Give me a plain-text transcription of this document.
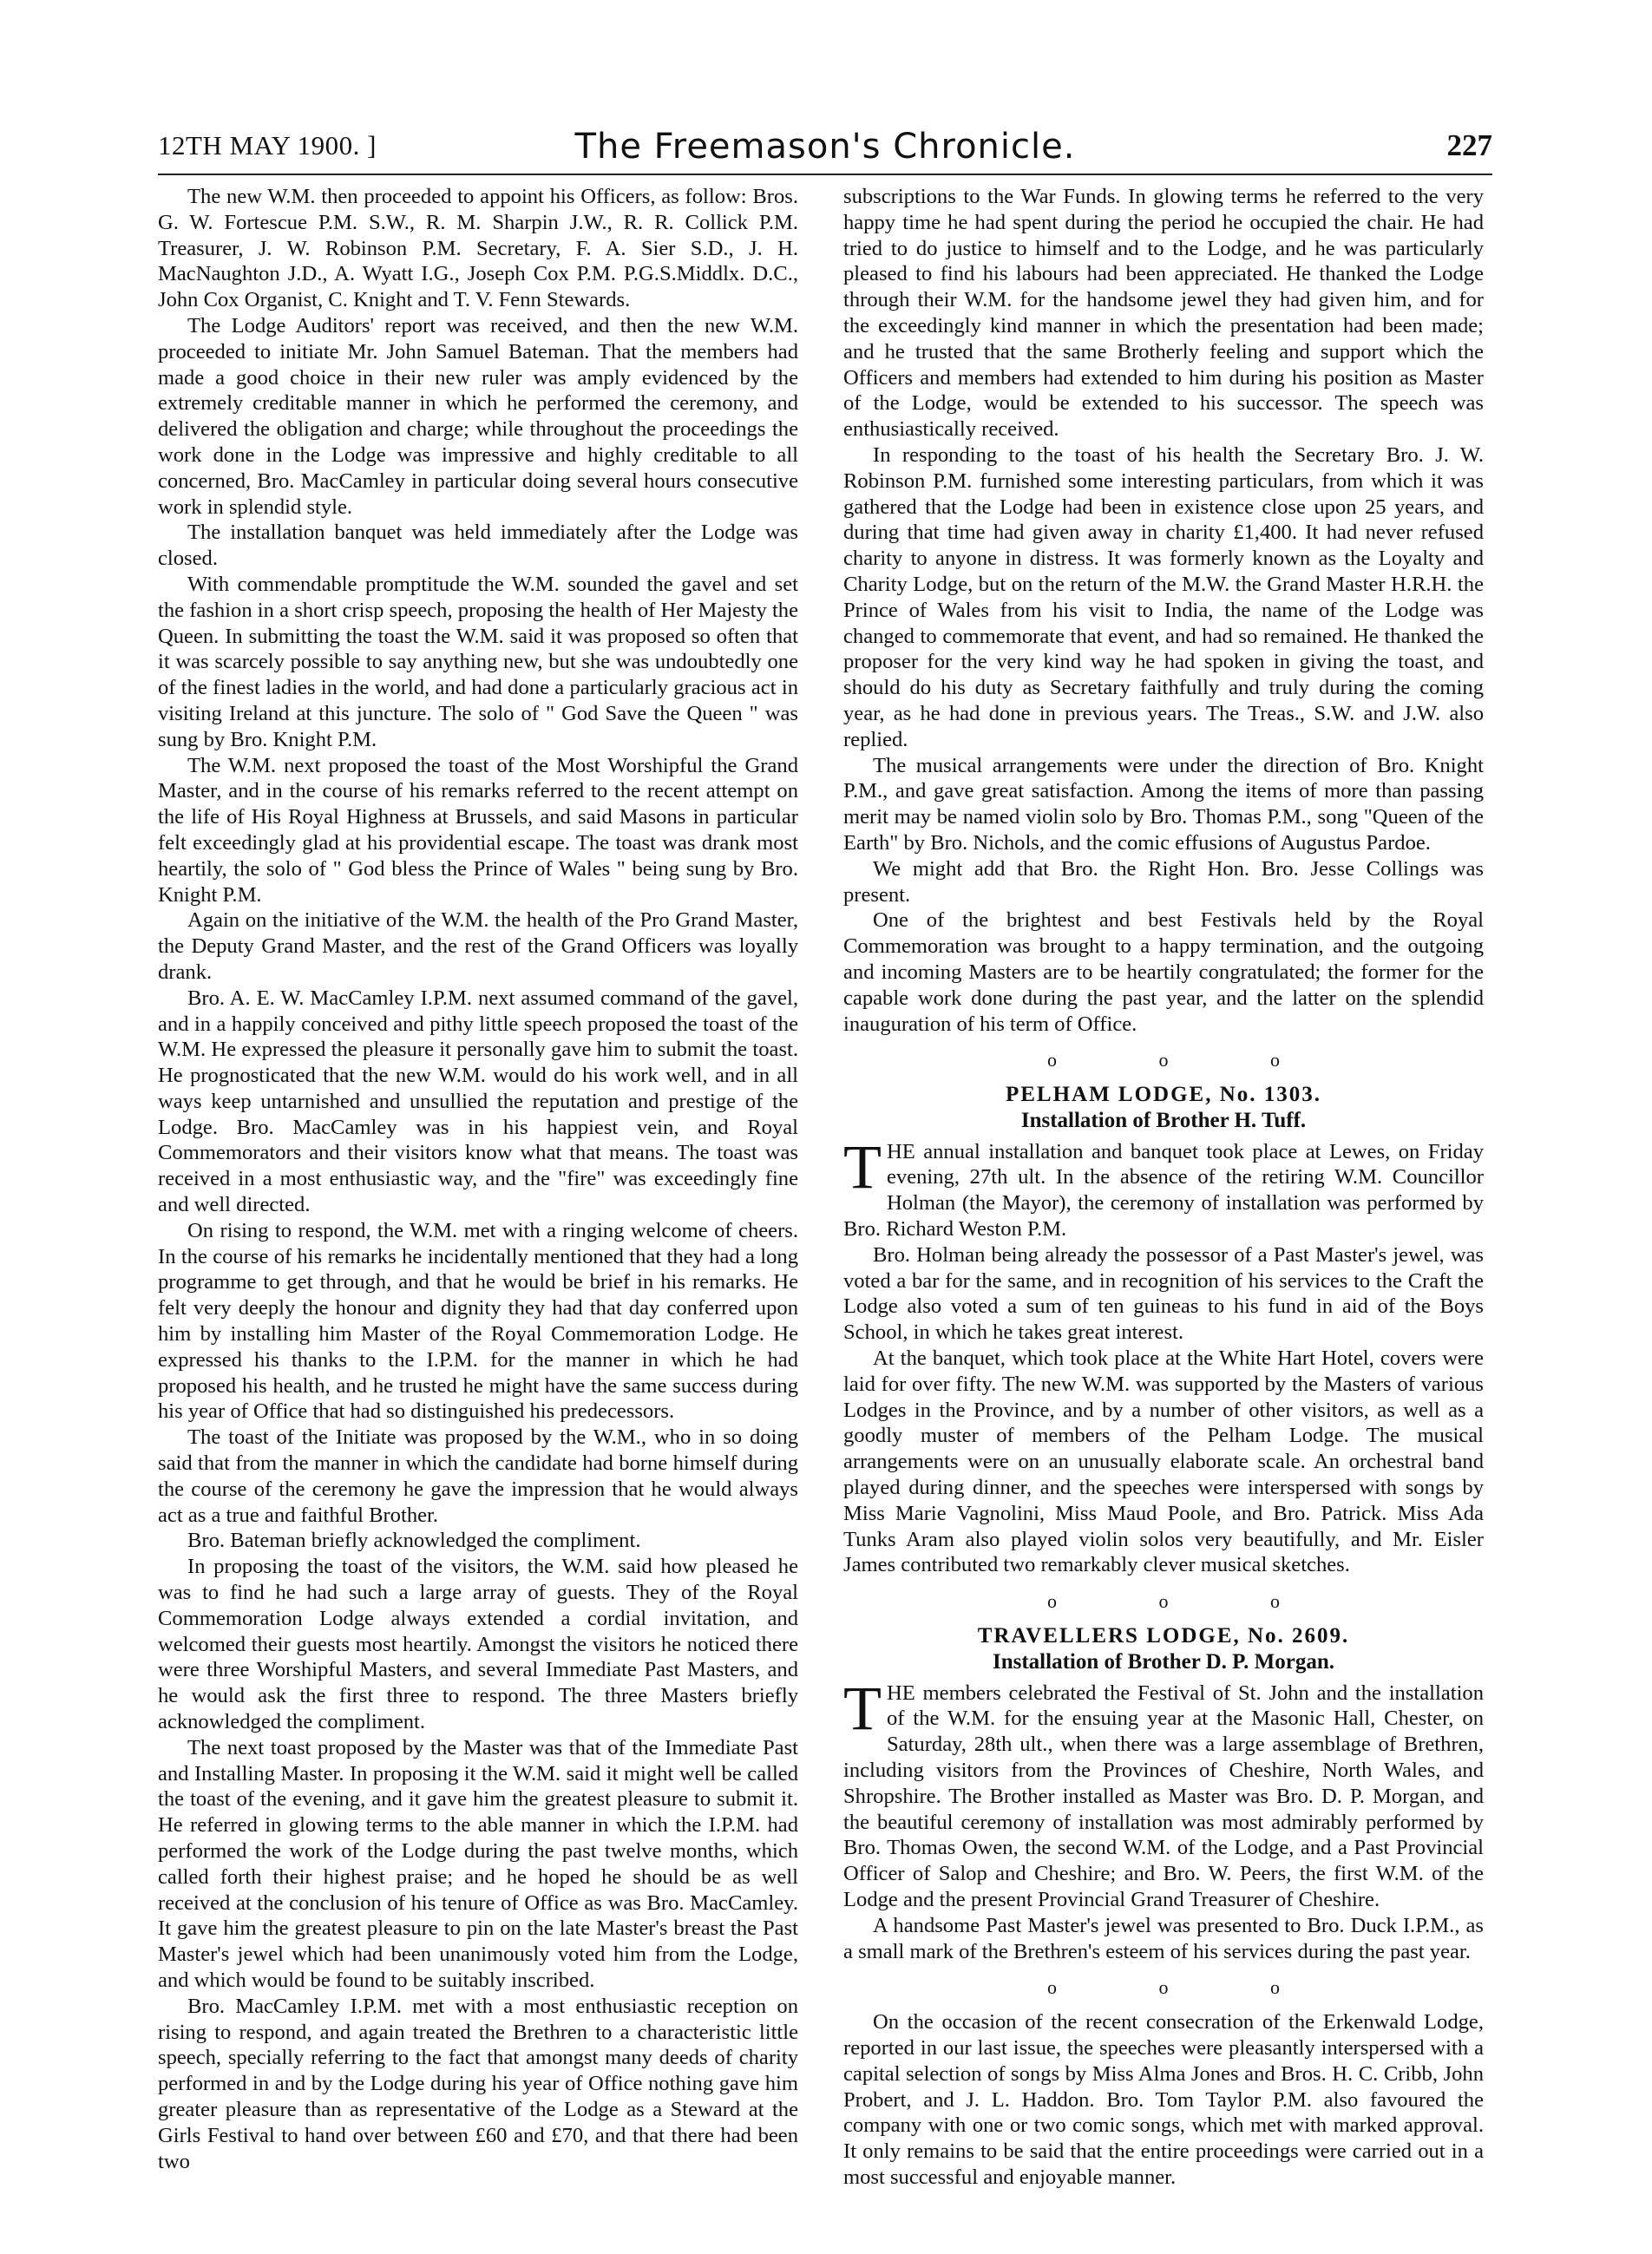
12TH MAY 1900. ]	The Freemason's Chronicle.	227

The new W.M. then proceeded to appoint his Officers, as follow: Bros. G. W. Fortescue P.M. S.W., R. M. Sharpin J.W., R. R. Collick P.M. Treasurer, J. W. Robinson P.M. Secretary, F. A. Sier S.D., J. H. MacNaughton J.D., A. Wyatt I.G., Joseph Cox P.M. P.G.S.Middlx. D.C., John Cox Organist, C. Knight and T. V. Fenn Stewards.

The Lodge Auditors' report was received, and then the new W.M. proceeded to initiate Mr. John Samuel Bateman. That the members had made a good choice in their new ruler was amply evidenced by the extremely creditable manner in which he performed the ceremony, and delivered the obligation and charge; while throughout the proceedings the work done in the Lodge was impressive and highly creditable to all concerned, Bro. MacCamley in particular doing several hours consecutive work in splendid style.

The installation banquet was held immediately after the Lodge was closed.

With commendable promptitude the W.M. sounded the gavel and set the fashion in a short crisp speech, proposing the health of Her Majesty the Queen. In submitting the toast the W.M. said it was proposed so often that it was scarcely possible to say anything new, but she was undoubtedly one of the finest ladies in the world, and had done a particularly gracious act in visiting Ireland at this juncture. The solo of " God Save the Queen " was sung by Bro. Knight P.M.

The W.M. next proposed the toast of the Most Worshipful the Grand Master, and in the course of his remarks referred to the recent attempt on the life of His Royal Highness at Brussels, and said Masons in particular felt exceedingly glad at his providential escape. The toast was drank most heartily, the solo of " God bless the Prince of Wales " being sung by Bro. Knight P.M.

Again on the initiative of the W.M. the health of the Pro Grand Master, the Deputy Grand Master, and the rest of the Grand Officers was loyally drank.

Bro. A. E. W. MacCamley I.P.M. next assumed command of the gavel, and in a happily conceived and pithy little speech proposed the toast of the W.M. He expressed the pleasure it personally gave him to submit the toast. He prognosticated that the new W.M. would do his work well, and in all ways keep untarnished and unsullied the reputation and prestige of the Lodge. Bro. MacCamley was in his happiest vein, and Royal Commemorators and their visitors know what that means. The toast was received in a most enthusiastic way, and the "fire" was exceedingly fine and well directed.

On rising to respond, the W.M. met with a ringing welcome of cheers. In the course of his remarks he incidentally mentioned that they had a long programme to get through, and that he would be brief in his remarks. He felt very deeply the honour and dignity they had that day conferred upon him by installing him Master of the Royal Commemoration Lodge. He expressed his thanks to the I.P.M. for the manner in which he had proposed his health, and he trusted he might have the same success during his year of Office that had so distinguished his predecessors.

The toast of the Initiate was proposed by the W.M., who in so doing said that from the manner in which the candidate had borne himself during the course of the ceremony he gave the impression that he would always act as a true and faithful Brother.

Bro. Bateman briefly acknowledged the compliment.

In proposing the toast of the visitors, the W.M. said how pleased he was to find he had such a large array of guests. They of the Royal Commemoration Lodge always extended a cordial invitation, and welcomed their guests most heartily. Amongst the visitors he noticed there were three Worshipful Masters, and several Immediate Past Masters, and he would ask the first three to respond. The three Masters briefly acknowledged the compliment.

The next toast proposed by the Master was that of the Immediate Past and Installing Master. In proposing it the W.M. said it might well be called the toast of the evening, and it gave him the greatest pleasure to submit it. He referred in glowing terms to the able manner in which the I.P.M. had performed the work of the Lodge during the past twelve months, which called forth their highest praise; and he hoped he should be as well received at the conclusion of his tenure of Office as was Bro. MacCamley. It gave him the greatest pleasure to pin on the late Master's breast the Past Master's jewel which had been unanimously voted him from the Lodge, and which would be found to be suitably inscribed.

Bro. MacCamley I.P.M. met with a most enthusiastic reception on rising to respond, and again treated the Brethren to a characteristic little speech, specially referring to the fact that amongst many deeds of charity performed in and by the Lodge during his year of Office nothing gave him greater pleasure than as representative of the Lodge as a Steward at the Girls Festival to hand over between £60 and £70, and that there had been two

subscriptions to the War Funds. In glowing terms he referred to the very happy time he had spent during the period he occupied the chair. He had tried to do justice to himself and to the Lodge, and he was particularly pleased to find his labours had been appreciated. He thanked the Lodge through their W.M. for the handsome jewel they had given him, and for the exceedingly kind manner in which the presentation had been made; and he trusted that the same Brotherly feeling and support which the Officers and members had extended to him during his position as Master of the Lodge, would be extended to his successor. The speech was enthusiastically received.

In responding to the toast of his health the Secretary Bro. J. W. Robinson P.M. furnished some interesting particulars, from which it was gathered that the Lodge had been in existence close upon 25 years, and during that time had given away in charity £1,400. It had never refused charity to anyone in distress. It was formerly known as the Loyalty and Charity Lodge, but on the return of the M.W. the Grand Master H.R.H. the Prince of Wales from his visit to India, the name of the Lodge was changed to commemorate that event, and had so remained. He thanked the proposer for the very kind way he had spoken in giving the toast, and should do his duty as Secretary faithfully and truly during the coming year, as he had done in previous years. The Treas., S.W. and J.W. also replied.

The musical arrangements were under the direction of Bro. Knight P.M., and gave great satisfaction. Among the items of more than passing merit may be named violin solo by Bro. Thomas P.M., song "Queen of the Earth" by Bro. Nichols, and the comic effusions of Augustus Pardoe.

We might add that Bro. the Right Hon. Bro. Jesse Collings was present.

One of the brightest and best Festivals held by the Royal Commemoration was brought to a happy termination, and the outgoing and incoming Masters are to be heartily congratulated; the former for the capable work done during the past year, and the latter on the splendid inauguration of his term of Office.

o o o
PELHAM LODGE, No. 1303.
Installation of Brother H. Tuff.

THE annual installation and banquet took place at Lewes, on Friday evening, 27th ult. In the absence of the retiring W.M. Councillor Holman (the Mayor), the ceremony of installation was performed by Bro. Richard Weston P.M.

Bro. Holman being already the possessor of a Past Master's jewel, was voted a bar for the same, and in recognition of his services to the Craft the Lodge also voted a sum of ten guineas to his fund in aid of the Boys School, in which he takes great interest.

At the banquet, which took place at the White Hart Hotel, covers were laid for over fifty. The new W.M. was supported by the Masters of various Lodges in the Province, and by a number of other visitors, as well as a goodly muster of members of the Pelham Lodge. The musical arrangements were on an unusually elaborate scale. An orchestral band played during dinner, and the speeches were interspersed with songs by Miss Marie Vagnolini, Miss Maud Poole, and Bro. Patrick. Miss Ada Tunks Aram also played violin solos very beautifully, and Mr. Eisler James contributed two remarkably clever musical sketches.

o o o
TRAVELLERS LODGE, No. 2609.
Installation of Brother D. P. Morgan.

THE members celebrated the Festival of St. John and the installation of the W.M. for the ensuing year at the Masonic Hall, Chester, on Saturday, 28th ult., when there was a large assemblage of Brethren, including visitors from the Provinces of Cheshire, North Wales, and Shropshire. The Brother installed as Master was Bro. D. P. Morgan, and the beautiful ceremony of installation was most admirably performed by Bro. Thomas Owen, the second W.M. of the Lodge, and a Past Provincial Officer of Salop and Cheshire; and Bro. W. Peers, the first W.M. of the Lodge and the present Provincial Grand Treasurer of Cheshire.

A handsome Past Master's jewel was presented to Bro. Duck I.P.M., as a small mark of the Brethren's esteem of his services during the past year.

o o o

On the occasion of the recent consecration of the Erkenwald Lodge, reported in our last issue, the speeches were pleasantly interspersed with a capital selection of songs by Miss Alma Jones and Bros. H. C. Cribb, John Probert, and J. L. Haddon. Bro. Tom Taylor P.M. also favoured the company with one or two comic songs, which met with marked approval. It only remains to be said that the entire proceedings were carried out in a most successful and enjoyable manner.
